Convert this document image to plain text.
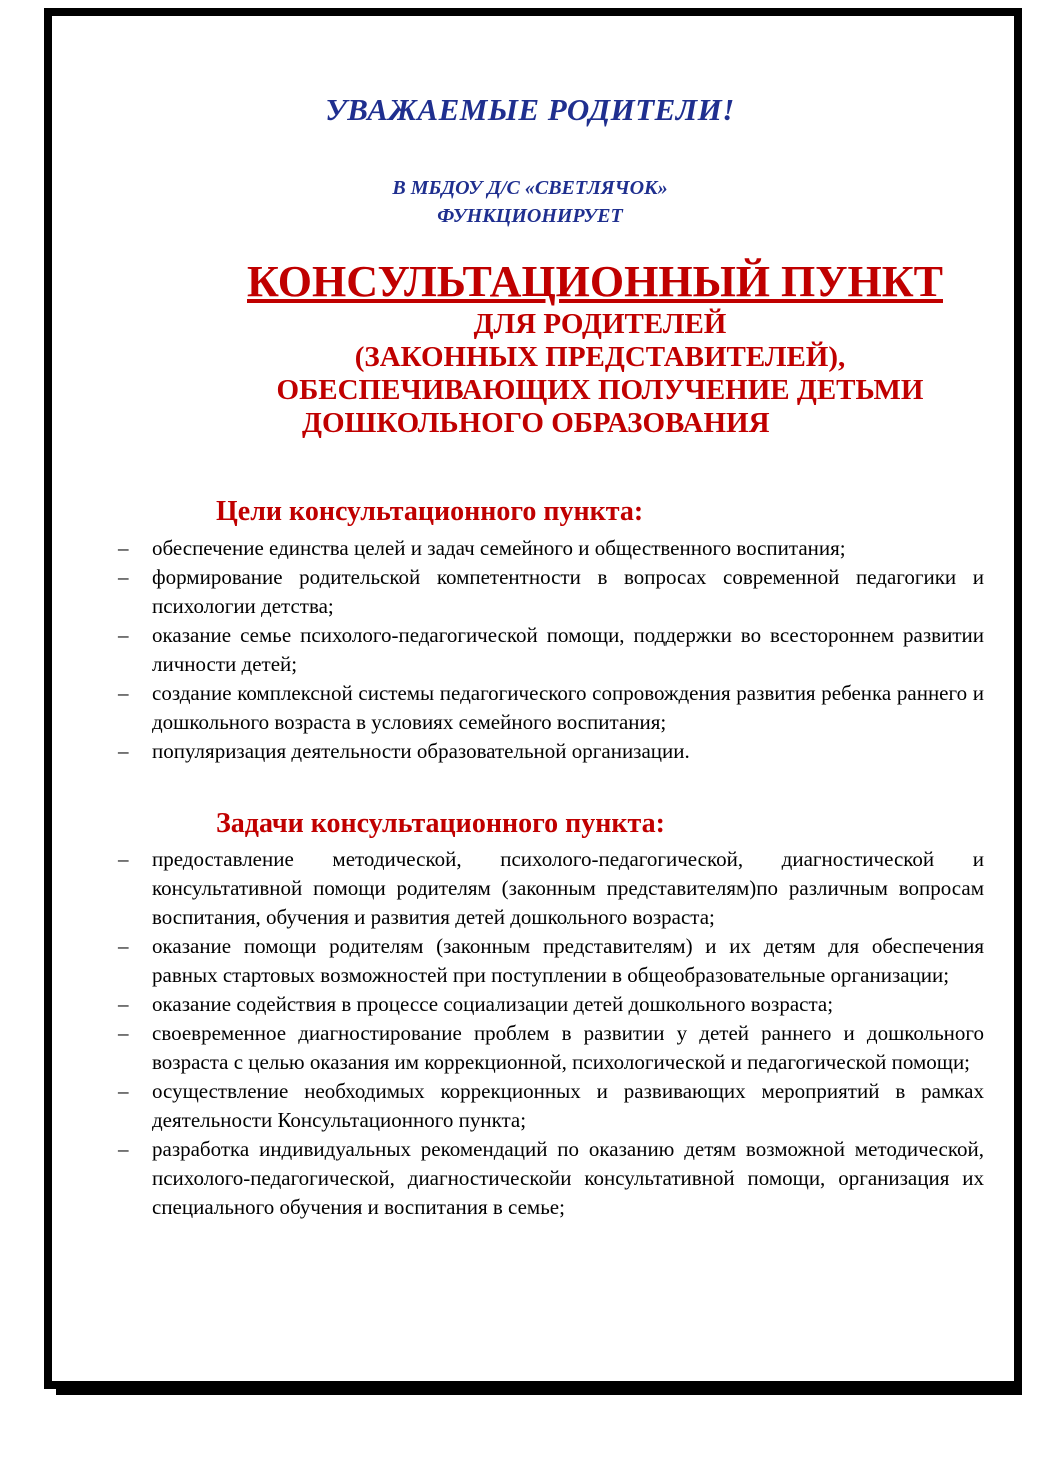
УВАЖАЕМЫЕ РОДИТЕЛИ!
В МБДОУ Д/С «СВЕТЛЯЧОК»
ФУНКЦИОНИРУЕТ
КОНСУЛЬТАЦИОННЫЙ ПУНКТ
ДЛЯ РОДИТЕЛЕЙ
(ЗАКОННЫХ ПРЕДСТАВИТЕЛЕЙ),
ОБЕСПЕЧИВАЮЩИХ ПОЛУЧЕНИЕ ДЕТЬМИ
ДОШКОЛЬНОГО ОБРАЗОВАНИЯ
Цели консультационного пункта:
– обеспечение единства целей и задач семейного и общественного воспитания;
– формирование родительской компетентности в вопросах современной педагогики и психологии детства;
– оказание семье психолого-педагогической помощи, поддержки во всестороннем развитии личности детей;
– создание комплексной системы педагогического сопровождения развития ребенка раннего и дошкольного возраста в условиях семейного воспитания;
– популяризация деятельности образовательной организации.
Задачи консультационного пункта:
– предоставление методической, психолого-педагогической, диагностической и консультативной помощи родителям (законным представителям)по различным вопросам воспитания, обучения и развития детей дошкольного возраста;
– оказание помощи родителям (законным представителям) и их детям для обеспечения равных стартовых возможностей при поступлении в общеобразовательные организации;
– оказание содействия в процессе социализации детей дошкольного возраста;
– своевременное диагностирование проблем в развитии у детей раннего и дошкольного возраста с целью оказания им коррекционной, психологической и педагогической помощи;
– осуществление необходимых коррекционных и развивающих мероприятий в рамках деятельности Консультационного пункта;
– разработка индивидуальных рекомендаций по оказанию детям возможной методической, психолого-педагогической, диагностическойи консультативной помощи, организация их специального обучения и воспитания в семье;
